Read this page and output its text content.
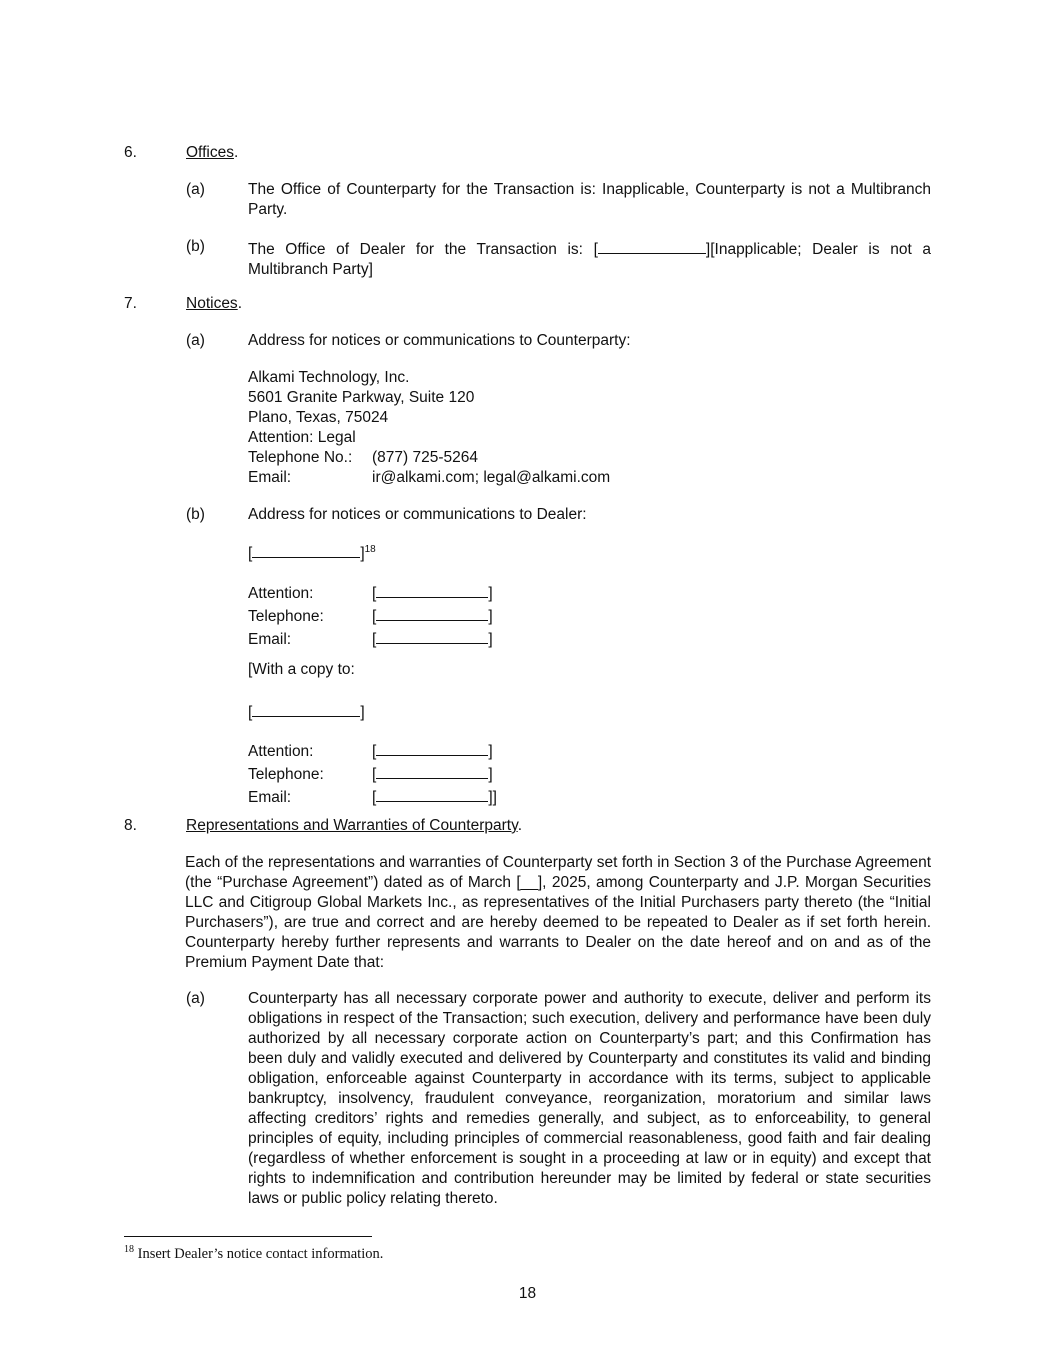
6.	Offices.
(a)	The Office of Counterparty for the Transaction is: Inapplicable, Counterparty is not a Multibranch Party.
(b)	The Office of Dealer for the Transaction is: [	][Inapplicable; Dealer is not a Multibranch Party]
7.	Notices.
(a)	Address for notices or communications to Counterparty:
Alkami Technology, Inc.
5601 Granite Parkway, Suite 120
Plano, Texas, 75024
Attention: Legal
Telephone No.: (877) 725-5264
Email:	ir@alkami.com; legal@alkami.com
(b)	Address for notices or communications to Dealer:
[	]$^{18}$
Attention:	[	]
Telephone:	[	]
Email:	[	]
[With a copy to:
[	]
Attention:	[	]
Telephone:	[	]
Email:	[	]]
8.	Representations and Warranties of Counterparty.
Each of the representations and warranties of Counterparty set forth in Section 3 of the Purchase Agreement (the “Purchase Agreement”) dated as of March [__], 2025, among Counterparty and J.P. Morgan Securities LLC and Citigroup Global Markets Inc., as representatives of the Initial Purchasers party thereto (the “Initial Purchasers”), are true and correct and are hereby deemed to be repeated to Dealer as if set forth herein. Counterparty hereby further represents and warrants to Dealer on the date hereof and on and as of the Premium Payment Date that:
(a)	Counterparty has all necessary corporate power and authority to execute, deliver and perform its obligations in respect of the Transaction; such execution, delivery and performance have been duly authorized by all necessary corporate action on Counterparty’s part; and this Confirmation has been duly and validly executed and delivered by Counterparty and constitutes its valid and binding obligation, enforceable against Counterparty in accordance with its terms, subject to applicable bankruptcy, insolvency, fraudulent conveyance, reorganization, moratorium and similar laws affecting creditors’ rights and remedies generally, and subject, as to enforceability, to general principles of equity, including principles of commercial reasonableness, good faith and fair dealing (regardless of whether enforcement is sought in a proceeding at law or in equity) and except that rights to indemnification and contribution hereunder may be limited by federal or state securities laws or public policy relating thereto.
$^{18}$ Insert Dealer’s notice contact information.
18
